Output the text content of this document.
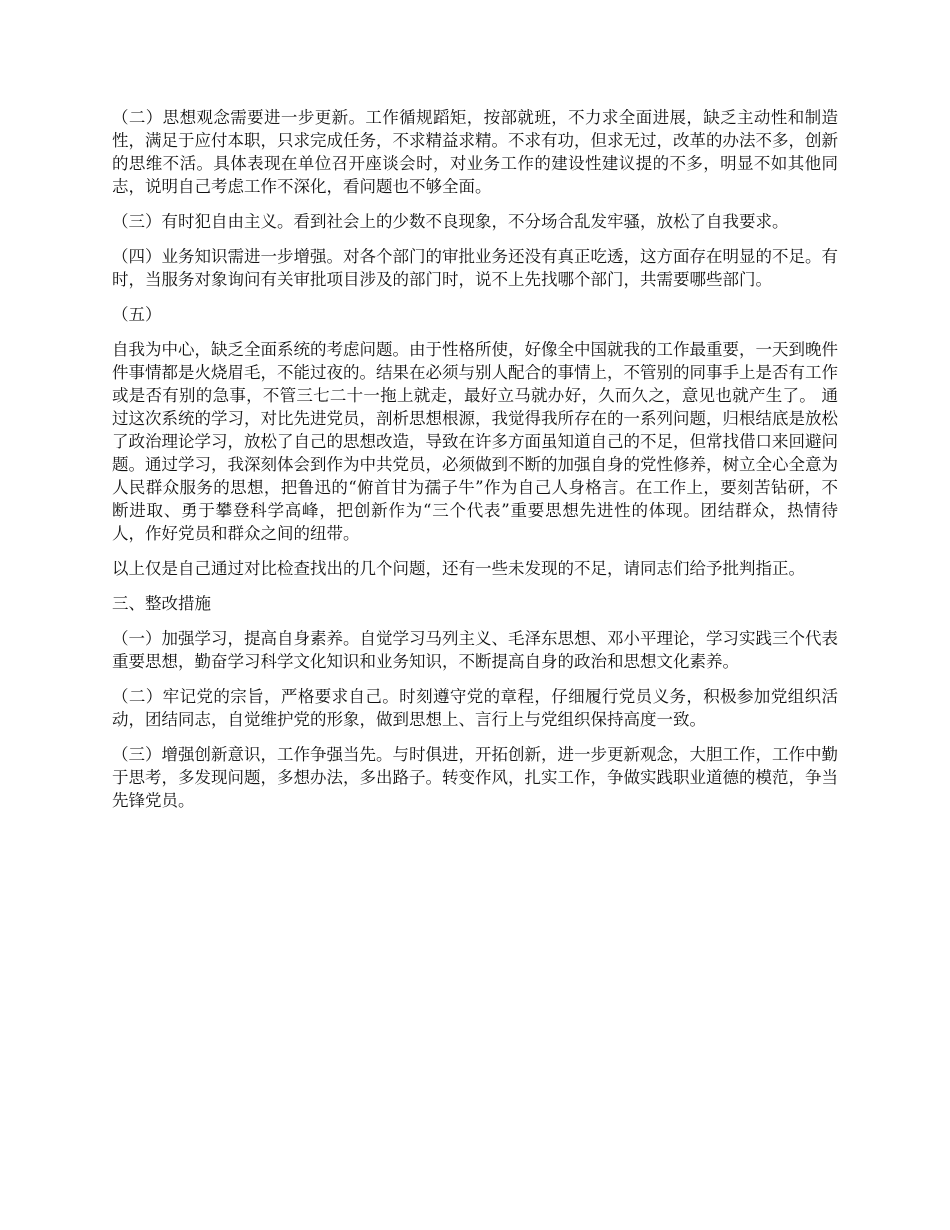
（二）思想观念需要进一步更新。工作循规蹈矩，按部就班，不力求全面进展，缺乏主动性和制造性，满足于应付本职，只求完成任务，不求精益求精。不求有功，但求无过，改革的办法不多，创新的思维不活。具体表现在单位召开座谈会时，对业务工作的建设性建议提的不多，明显不如其他同志，说明自己考虑工作不深化，看问题也不够全面。

（三）有时犯自由主义。看到社会上的少数不良现象，不分场合乱发牢骚，放松了自我要求。

（四）业务知识需进一步增强。对各个部门的审批业务还没有真正吃透，这方面存在明显的不足。有时，当服务对象询问有关审批项目涉及的部门时，说不上先找哪个部门，共需要哪些部门。

（五）

自我为中心，缺乏全面系统的考虑问题。由于性格所使，好像全中国就我的工作最重要，一天到晚件件事情都是火烧眉毛，不能过夜的。结果在必须与别人配合的事情上，不管别的同事手上是否有工作或是否有别的急事，不管三七二十一拖上就走，最好立马就办好，久而久之，意见也就产生了。 通过这次系统的学习，对比先进党员，剖析思想根源，我觉得我所存在的一系列问题，归根结底是放松了政治理论学习，放松了自己的思想改造，导致在许多方面虽知道自己的不足，但常找借口来回避问题。通过学习，我深刻体会到作为中共党员，必须做到不断的加强自身的党性修养，树立全心全意为人民群众服务的思想，把鲁迅的“俯首甘为孺子牛”作为自己人身格言。在工作上，要刻苦钻研，不断进取、勇于攀登科学高峰，把创新作为“三个代表”重要思想先进性的体现。团结群众，热情待人，作好党员和群众之间的纽带。

以上仅是自己通过对比检查找出的几个问题，还有一些未发现的不足，请同志们给予批判指正。

三、整改措施

（一）加强学习，提高自身素养。自觉学习马列主义、毛泽东思想、邓小平理论，学习实践三个代表重要思想，勤奋学习科学文化知识和业务知识，不断提高自身的政治和思想文化素养。

（二）牢记党的宗旨，严格要求自己。时刻遵守党的章程，仔细履行党员义务，积极参加党组织活动，团结同志，自觉维护党的形象，做到思想上、言行上与党组织保持高度一致。

（三）增强创新意识，工作争强当先。与时俱进，开拓创新，进一步更新观念，大胆工作，工作中勤于思考，多发现问题，多想办法，多出路子。转变作风，扎实工作，争做实践职业道德的模范，争当先锋党员。
